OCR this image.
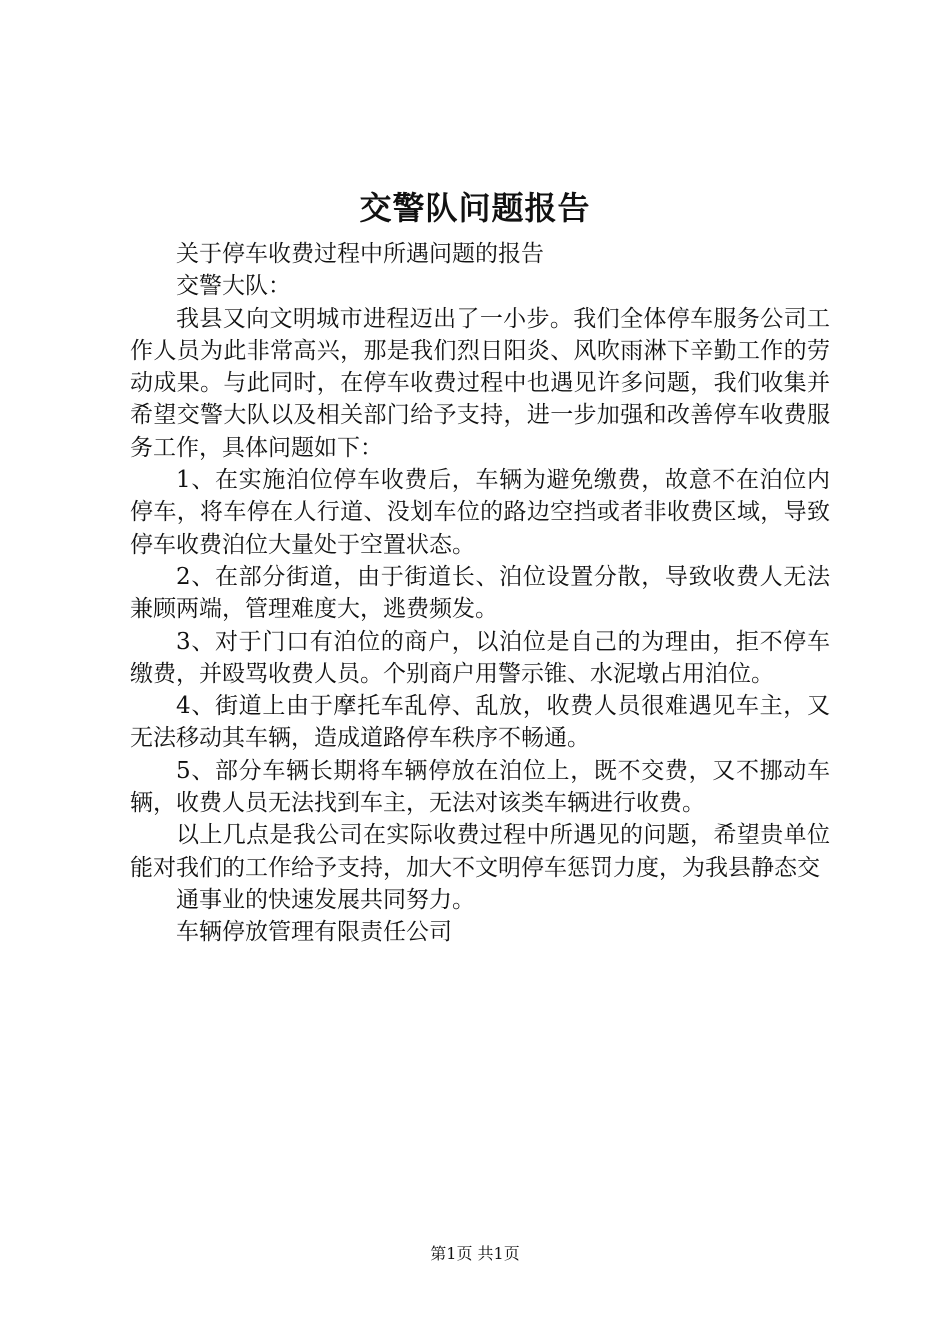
交警队问题报告

关于停车收费过程中所遇问题的报告

交警大队：

我县又向文明城市进程迈出了一小步。我们全体停车服务公司工作人员为此非常高兴，那是我们烈日阳炎、风吹雨淋下辛勤工作的劳动成果。与此同时，在停车收费过程中也遇见许多问题，我们收集并希望交警大队以及相关部门给予支持，进一步加强和改善停车收费服务工作，具体问题如下：

1、在实施泊位停车收费后，车辆为避免缴费，故意不在泊位内停车，将车停在人行道、没划车位的路边空挡或者非收费区域，导致停车收费泊位大量处于空置状态。

2、在部分街道，由于街道长、泊位设置分散，导致收费人无法兼顾两端，管理难度大，逃费频发。

3、对于门口有泊位的商户，以泊位是自己的为理由，拒不停车缴费，并殴骂收费人员。个别商户用警示锥、水泥墩占用泊位。

4、街道上由于摩托车乱停、乱放，收费人员很难遇见车主，又无法移动其车辆，造成道路停车秩序不畅通。

5、部分车辆长期将车辆停放在泊位上，既不交费，又不挪动车辆，收费人员无法找到车主，无法对该类车辆进行收费。

以上几点是我公司在实际收费过程中所遇见的问题，希望贵单位能对我们的工作给予支持，加大不文明停车惩罚力度，为我县静态交

通事业的快速发展共同努力。

车辆停放管理有限责任公司

第1页 共1页
